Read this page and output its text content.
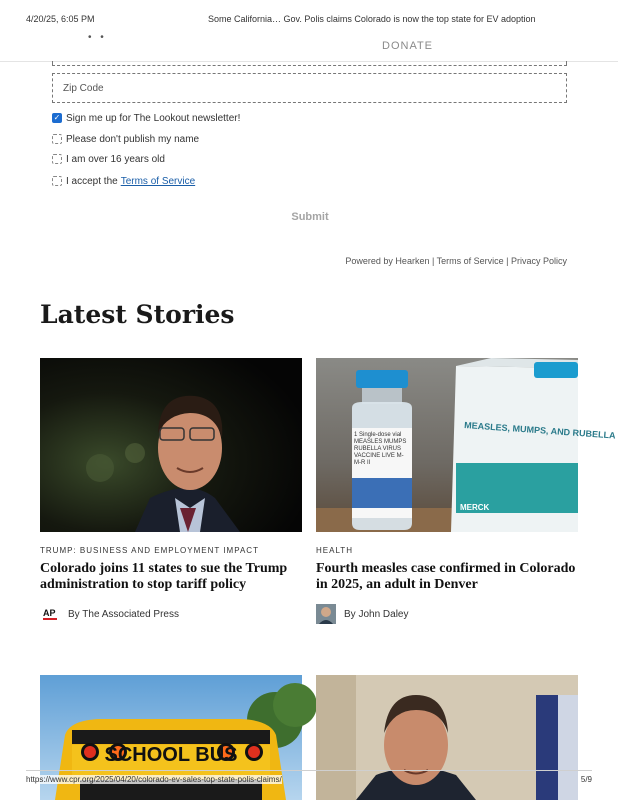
4/20/25, 6:05 PM	Some California… Gov. Polis claims Colorado is now the top state for EV adoption
• •
DONATE
Zip Code
✓ Sign me up for The Lookout newsletter!
Please don't publish my name
I am over 16 years old
I accept the Terms of Service
Submit
Powered by Hearken | Terms of Service | Privacy Policy
Latest Stories
TRUMP: BUSINESS AND EMPLOYMENT IMPACT
Colorado joins 11 states to sue the Trump administration to stop tariff policy
AP By The Associated Press
MEASLES, MUMPS, AND RUBELLA
MERCK
1 Single-dose vial MEASLES MUMPS RUBELLA VIRUS VACCINE LIVE M-M-R II
HEALTH
Fourth measles case confirmed in Colorado in 2025, an adult in Denver
By John Daley
SCHOOL BUS
https://www.cpr.org/2025/04/20/colorado-ev-sales-top-state-polis-claims/	5/9
